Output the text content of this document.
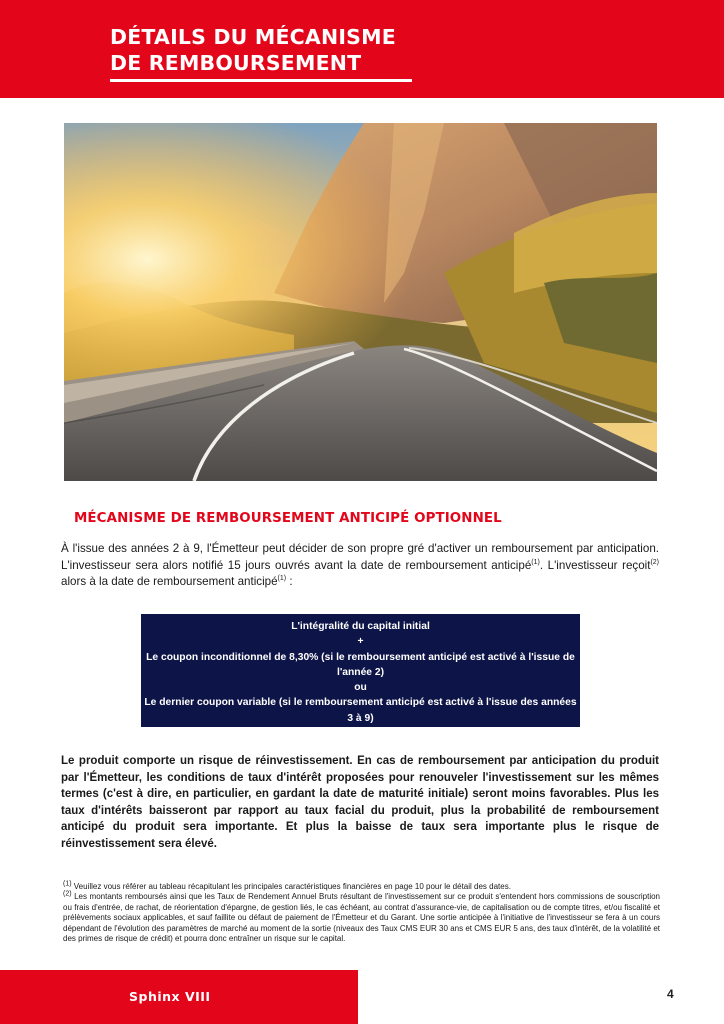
DÉTAILS DU MÉCANISME
DE REMBOURSEMENT
MÉCANISME DE REMBOURSEMENT ANTICIPÉ OPTIONNEL

À l'issue des années 2 à 9, l'Émetteur peut décider de son propre gré d'activer un remboursement par anticipation. L'investisseur sera alors notifié 15 jours ouvrés avant la date de remboursement anticipé$^{(1)}$. L'investisseur reçoit$^{(2)}$ alors à la date de remboursement anticipé$^{(1)}$ :

L'intégralité du capital initial
+
Le coupon inconditionnel de 8,30% (si le remboursement anticipé est activé à l'issue de l'année 2)
ou
Le dernier coupon variable (si le remboursement anticipé est activé à l'issue des années 3 à 9)

Le produit comporte un risque de réinvestissement. En cas de remboursement par anticipation du produit par l'Émetteur, les conditions de taux d'intérêt proposées pour renouveler l'investissement sur les mêmes termes (c'est à dire, en particulier, en gardant la date de maturité initiale) seront moins favorables. Plus les taux d'intérêts baisseront par rapport au taux facial du produit, plus la probabilité de remboursement anticipé du produit sera importante. Et plus la baisse de taux sera importante plus le risque de réinvestissement sera élevé.

$^{(1)}$ Veuillez vous référer au tableau récapitulant les principales caractéristiques financières en page 10 pour le détail des dates.

$^{(2)}$ Les montants remboursés ainsi que les Taux de Rendement Annuel Bruts résultant de l'investissement sur ce produit s'entendent hors commissions de souscription ou frais d'entrée, de rachat, de réorientation d'épargne, de gestion liés, le cas échéant, au contrat d'assurance-vie, de capitalisation ou de compte titres, et/ou fiscalité et prélèvements sociaux applicables, et sauf faillite ou défaut de paiement de l'Émetteur et du Garant. Une sortie anticipée à l'initiative de l'investisseur se fera à un cours dépendant de l'évolution des paramètres de marché au moment de la sortie (niveaux des Taux CMS EUR 30 ans et CMS EUR 5 ans, des taux d'intérêt, de la volatilité et des primes de risque de crédit) et pourra donc entraîner un risque sur le capital.

Sphinx VIII	4
